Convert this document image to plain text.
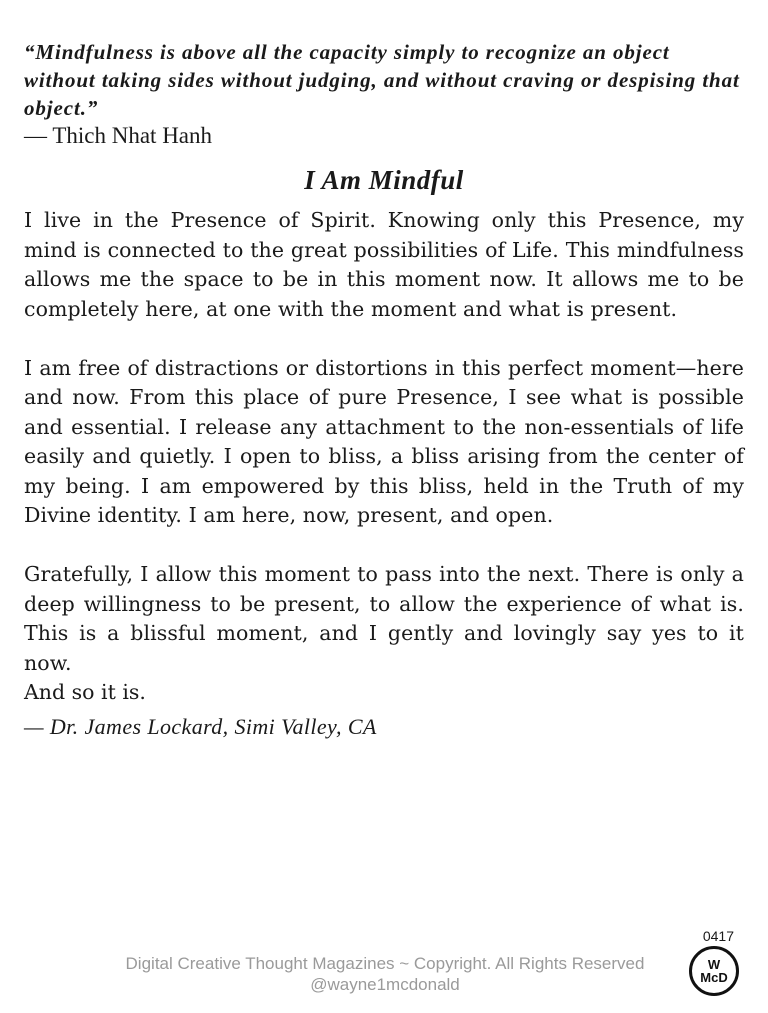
“Mindfulness is above all the capacity simply to recognize an object without taking sides without judging, and without craving or despising that object.”

— Thich Nhat Hanh

I Am Mindful

I live in the Presence of Spirit. Knowing only this Presence, my mind is connected to the great possibilities of Life. This mindfulness allows me the space to be in this moment now. It allows me to be completely here, at one with the moment and what is present.

I am free of distractions or distortions in this perfect moment—here and now. From this place of pure Presence, I see what is possible and essential. I release any attachment to the non-essentials of life easily and quietly. I open to bliss, a bliss arising from the center of my being. I am empowered by this bliss, held in the Truth of my Divine identity. I am here, now, present, and open.

Gratefully, I allow this moment to pass into the next. There is only a deep willingness to be present, to allow the experience of what is. This is a blissful moment, and I gently and lovingly say yes to it now.

And so it is.

— Dr. James Lockard, Simi Valley, CA

0417
Digital Creative Thought Magazines ~ Copyright. All Rights Reserved
@wayne1mcdonald
W
McD
